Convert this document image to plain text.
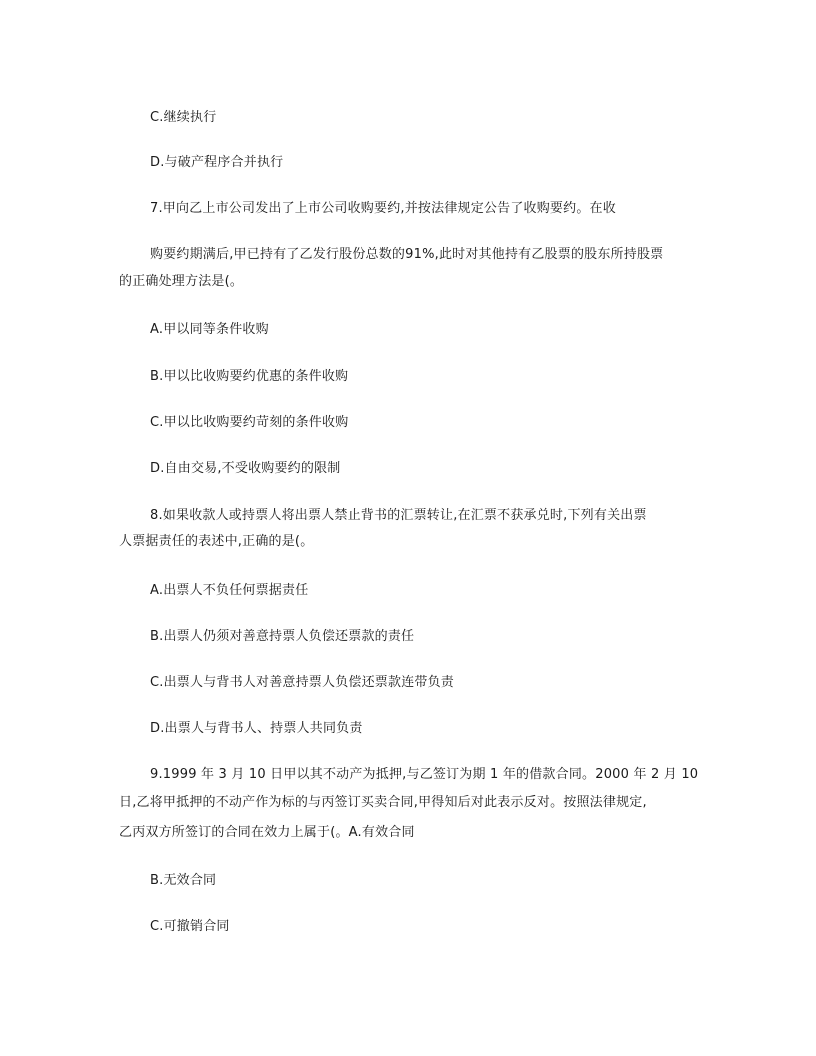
C.继续执行

D.与破产程序合并执行

7.甲向乙上市公司发出了上市公司收购要约,并按法律规定公告了收购要约。在收

购要约期满后,甲已持有了乙发行股份总数的91%,此时对其他持有乙股票的股东所持股票

的正确处理方法是(。

A.甲以同等条件收购

B.甲以比收购要约优惠的条件收购

C.甲以比收购要约苛刻的条件收购

D.自由交易,不受收购要约的限制

8.如果收款人或持票人将出票人禁止背书的汇票转让,在汇票不获承兑时,下列有关出票

人票据责任的表述中,正确的是(。

A.出票人不负任何票据责任

B.出票人仍须对善意持票人负偿还票款的责任

C.出票人与背书人对善意持票人负偿还票款连带负责

D.出票人与背书人、持票人共同负责

9.1999 年 3 月 10 日甲以其不动产为抵押,与乙签订为期 1 年的借款合同。2000 年 2 月 10

日,乙将甲抵押的不动产作为标的与丙签订买卖合同,甲得知后对此表示反对。按照法律规定,

乙丙双方所签订的合同在效力上属于(。A.有效合同

B.无效合同

C.可撤销合同
